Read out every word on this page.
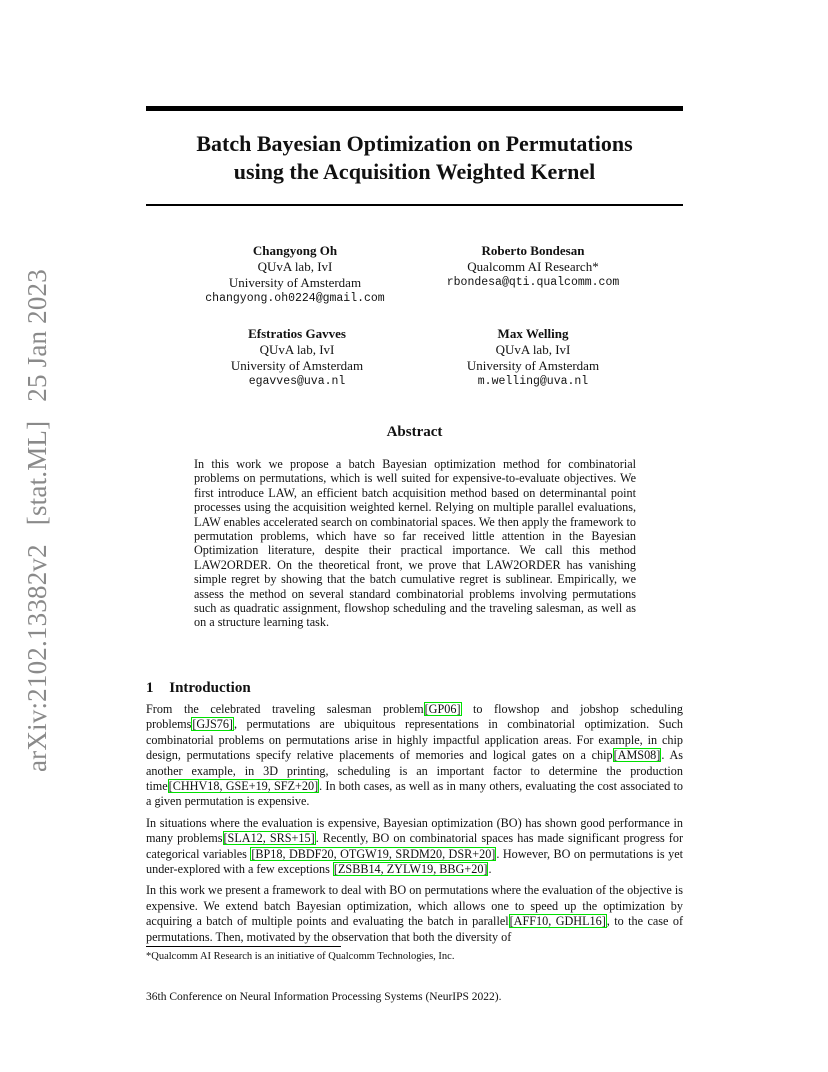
arXiv:2102.13382v2 [stat.ML] 25 Jan 2023
Batch Bayesian Optimization on Permutations
using the Acquisition Weighted Kernel
Changyong Oh
QUvA lab, IvI
University of Amsterdam
changyong.oh0224@gmail.com
Roberto Bondesan
Qualcomm AI Research*
rbondesa@qti.qualcomm.com
Efstratios Gavves
QUvA lab, IvI
University of Amsterdam
egavves@uva.nl
Max Welling
QUvA lab, IvI
University of Amsterdam
m.welling@uva.nl
Abstract
In this work we propose a batch Bayesian optimization method for combinatorial problems on permutations, which is well suited for expensive-to-evaluate objectives. We first introduce LAW, an efficient batch acquisition method based on determinantal point processes using the acquisition weighted kernel. Relying on multiple parallel evaluations, LAW enables accelerated search on combinatorial spaces. We then apply the framework to permutation problems, which have so far received little attention in the Bayesian Optimization literature, despite their practical importance. We call this method LAW2ORDER. On the theoretical front, we prove that LAW2ORDER has vanishing simple regret by showing that the batch cumulative regret is sublinear. Empirically, we assess the method on several standard combinatorial problems involving permutations such as quadratic assignment, flowshop scheduling and the traveling salesman, as well as on a structure learning task.
1 Introduction

From the celebrated traveling salesman problem[GP06] to flowshop and jobshop scheduling problems[GJS76], permutations are ubiquitous representations in combinatorial optimization. Such combinatorial problems on permutations arise in highly impactful application areas. For example, in chip design, permutations specify relative placements of memories and logical gates on a chip[AMS08]. As another example, in 3D printing, scheduling is an important factor to determine the production time[CHHV18, GSE+19, SFZ+20]. In both cases, as well as in many others, evaluating the cost associated to a given permutation is expensive.

In situations where the evaluation is expensive, Bayesian optimization (BO) has shown good performance in many problems[SLA12, SRS+15]. Recently, BO on combinatorial spaces has made significant progress for categorical variables [BP18, DBDF20, OTGW19, SRDM20, DSR+20]. However, BO on permutations is yet under-explored with a few exceptions [ZSBB14, ZYLW19, BBG+20].

In this work we present a framework to deal with BO on permutations where the evaluation of the objective is expensive. We extend batch Bayesian optimization, which allows one to speed up the optimization by acquiring a batch of multiple points and evaluating the batch in parallel[AFF10, GDHL16], to the case of permutations. Then, motivated by the observation that both the diversity of

*Qualcomm AI Research is an initiative of Qualcomm Technologies, Inc.
36th Conference on Neural Information Processing Systems (NeurIPS 2022).
